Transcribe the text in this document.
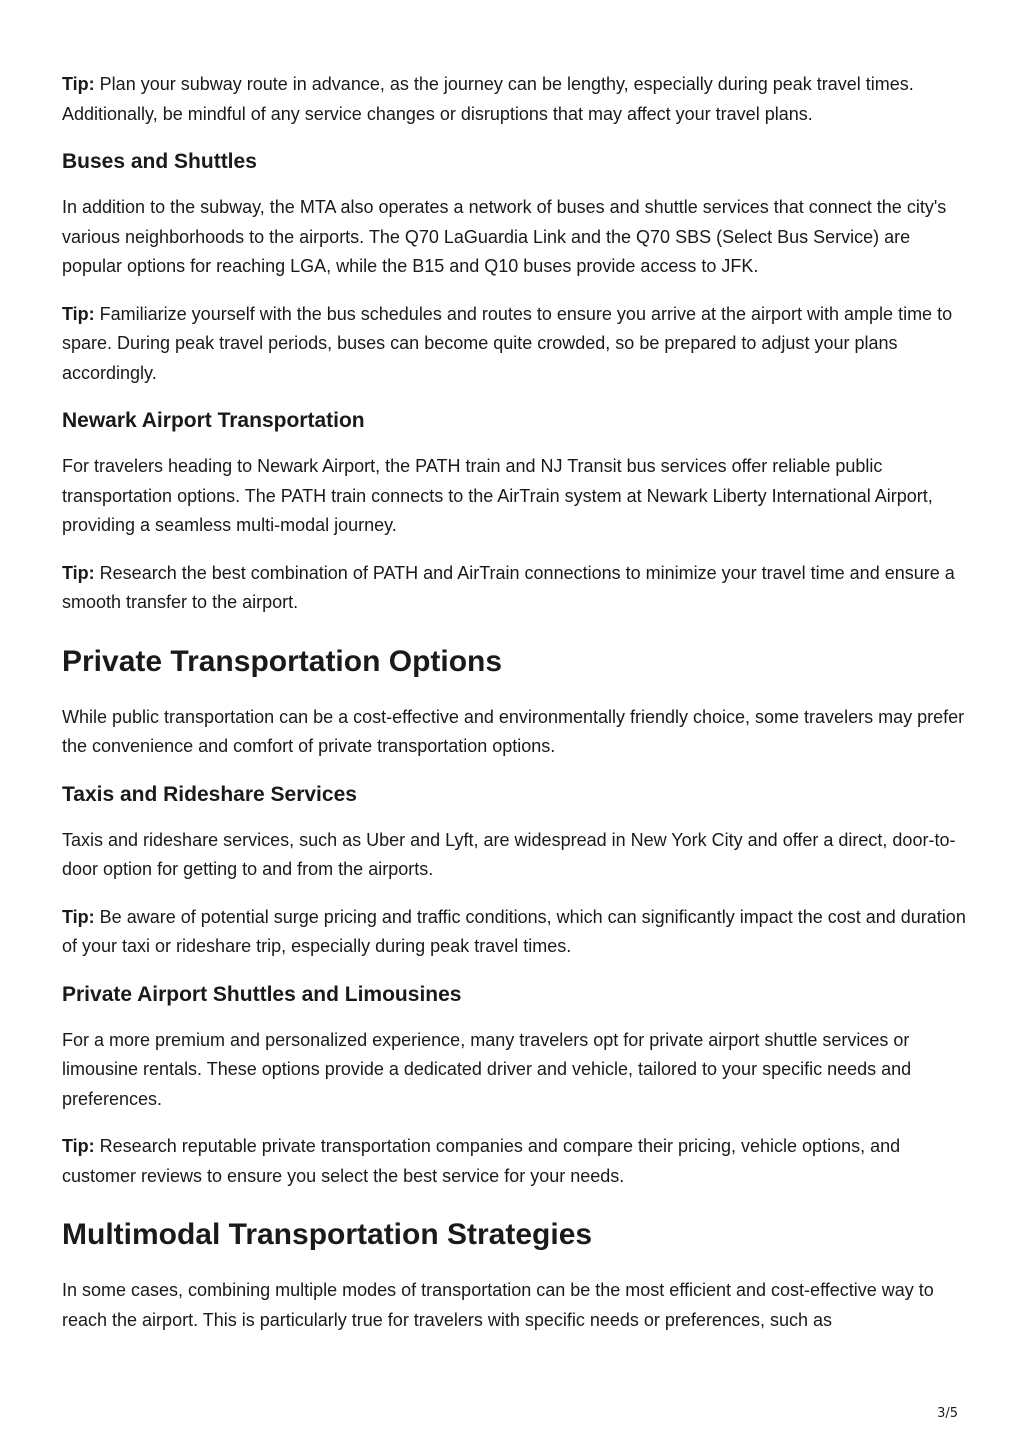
Tip: Plan your subway route in advance, as the journey can be lengthy, especially during peak travel times. Additionally, be mindful of any service changes or disruptions that may affect your travel plans.

Buses and Shuttles

In addition to the subway, the MTA also operates a network of buses and shuttle services that connect the city's various neighborhoods to the airports. The Q70 LaGuardia Link and the Q70 SBS (Select Bus Service) are popular options for reaching LGA, while the B15 and Q10 buses provide access to JFK.

Tip: Familiarize yourself with the bus schedules and routes to ensure you arrive at the airport with ample time to spare. During peak travel periods, buses can become quite crowded, so be prepared to adjust your plans accordingly.

Newark Airport Transportation

For travelers heading to Newark Airport, the PATH train and NJ Transit bus services offer reliable public transportation options. The PATH train connects to the AirTrain system at Newark Liberty International Airport, providing a seamless multi-modal journey.

Tip: Research the best combination of PATH and AirTrain connections to minimize your travel time and ensure a smooth transfer to the airport.

Private Transportation Options

While public transportation can be a cost-effective and environmentally friendly choice, some travelers may prefer the convenience and comfort of private transportation options.

Taxis and Rideshare Services

Taxis and rideshare services, such as Uber and Lyft, are widespread in New York City and offer a direct, door-to-door option for getting to and from the airports.

Tip: Be aware of potential surge pricing and traffic conditions, which can significantly impact the cost and duration of your taxi or rideshare trip, especially during peak travel times.

Private Airport Shuttles and Limousines

For a more premium and personalized experience, many travelers opt for private airport shuttle services or limousine rentals. These options provide a dedicated driver and vehicle, tailored to your specific needs and preferences.

Tip: Research reputable private transportation companies and compare their pricing, vehicle options, and customer reviews to ensure you select the best service for your needs.

Multimodal Transportation Strategies

In some cases, combining multiple modes of transportation can be the most efficient and cost-effective way to reach the airport. This is particularly true for travelers with specific needs or preferences, such as

3/5
